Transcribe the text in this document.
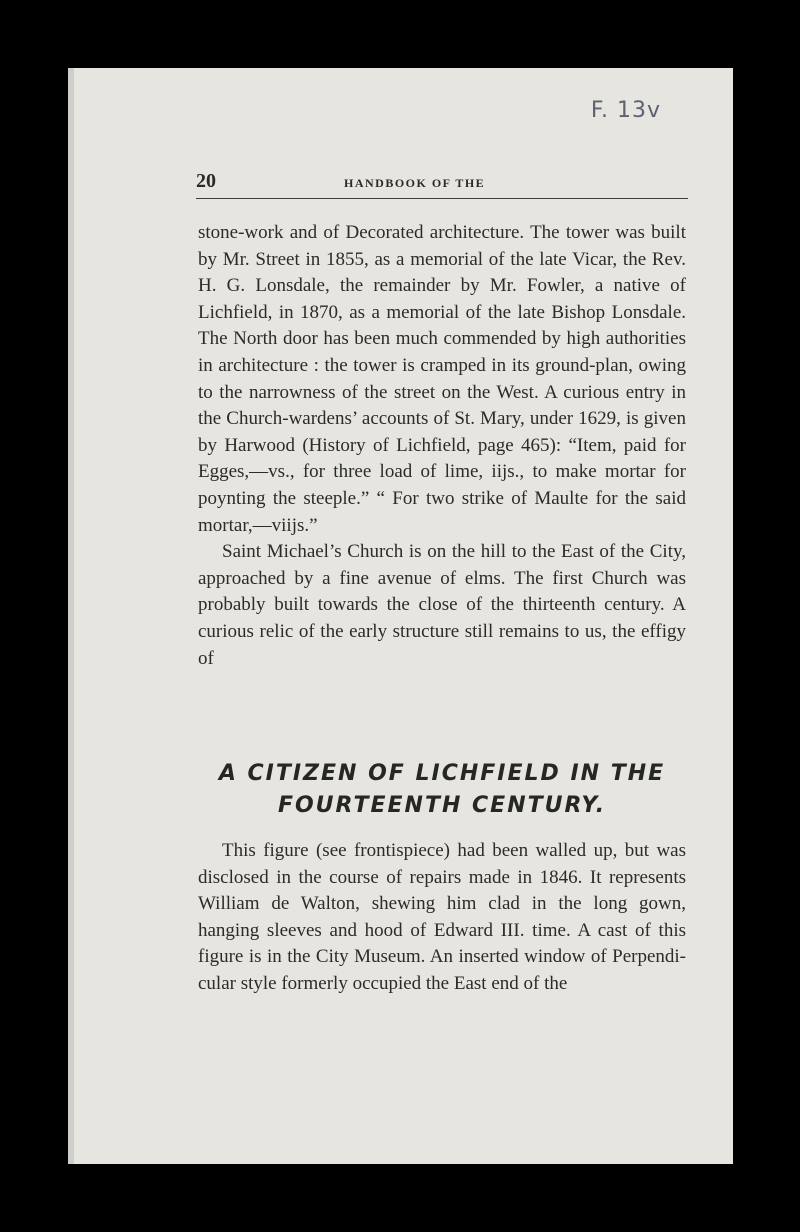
F. 13v
20	HANDBOOK OF THE

stone-work and of Decorated architecture. The tower was built by Mr. Street in 1855, as a memorial of the late Vicar, the Rev. H. G. Lonsdale, the remainder by Mr. Fowler, a native of Lichfield, in 1870, as a memorial of the late Bishop Lonsdale. The North door has been much commended by high authorities in architecture : the tower is cramped in its ground-plan, owing to the narrowness of the street on the West. A curious entry in the Church-wardens’ accounts of St. Mary, under 1629, is given by Harwood (History of Lichfield, page 465): “Item, paid for Egges,—vs., for three load of lime, iijs., to make mortar for poynting the steeple.” “ For two strike of Maulte for the said mortar,—viijs.”

Saint Michael’s Church is on the hill to the East of the City, approached by a fine avenue of elms. The first Church was probably built towards the close of the thirteenth century. A curious relic of the early structure still remains to us, the effigy of

A CITIZEN OF LICHFIELD IN THE
FOURTEENTH CENTURY.

This figure (see frontispiece) had been walled up, but was disclosed in the course of repairs made in 1846. It represents William de Walton, shewing him clad in the long gown, hanging sleeves and hood of Edward III. time. A cast of this figure is in the City Museum. An inserted window of Perpendi-cular style formerly occupied the East end of the
